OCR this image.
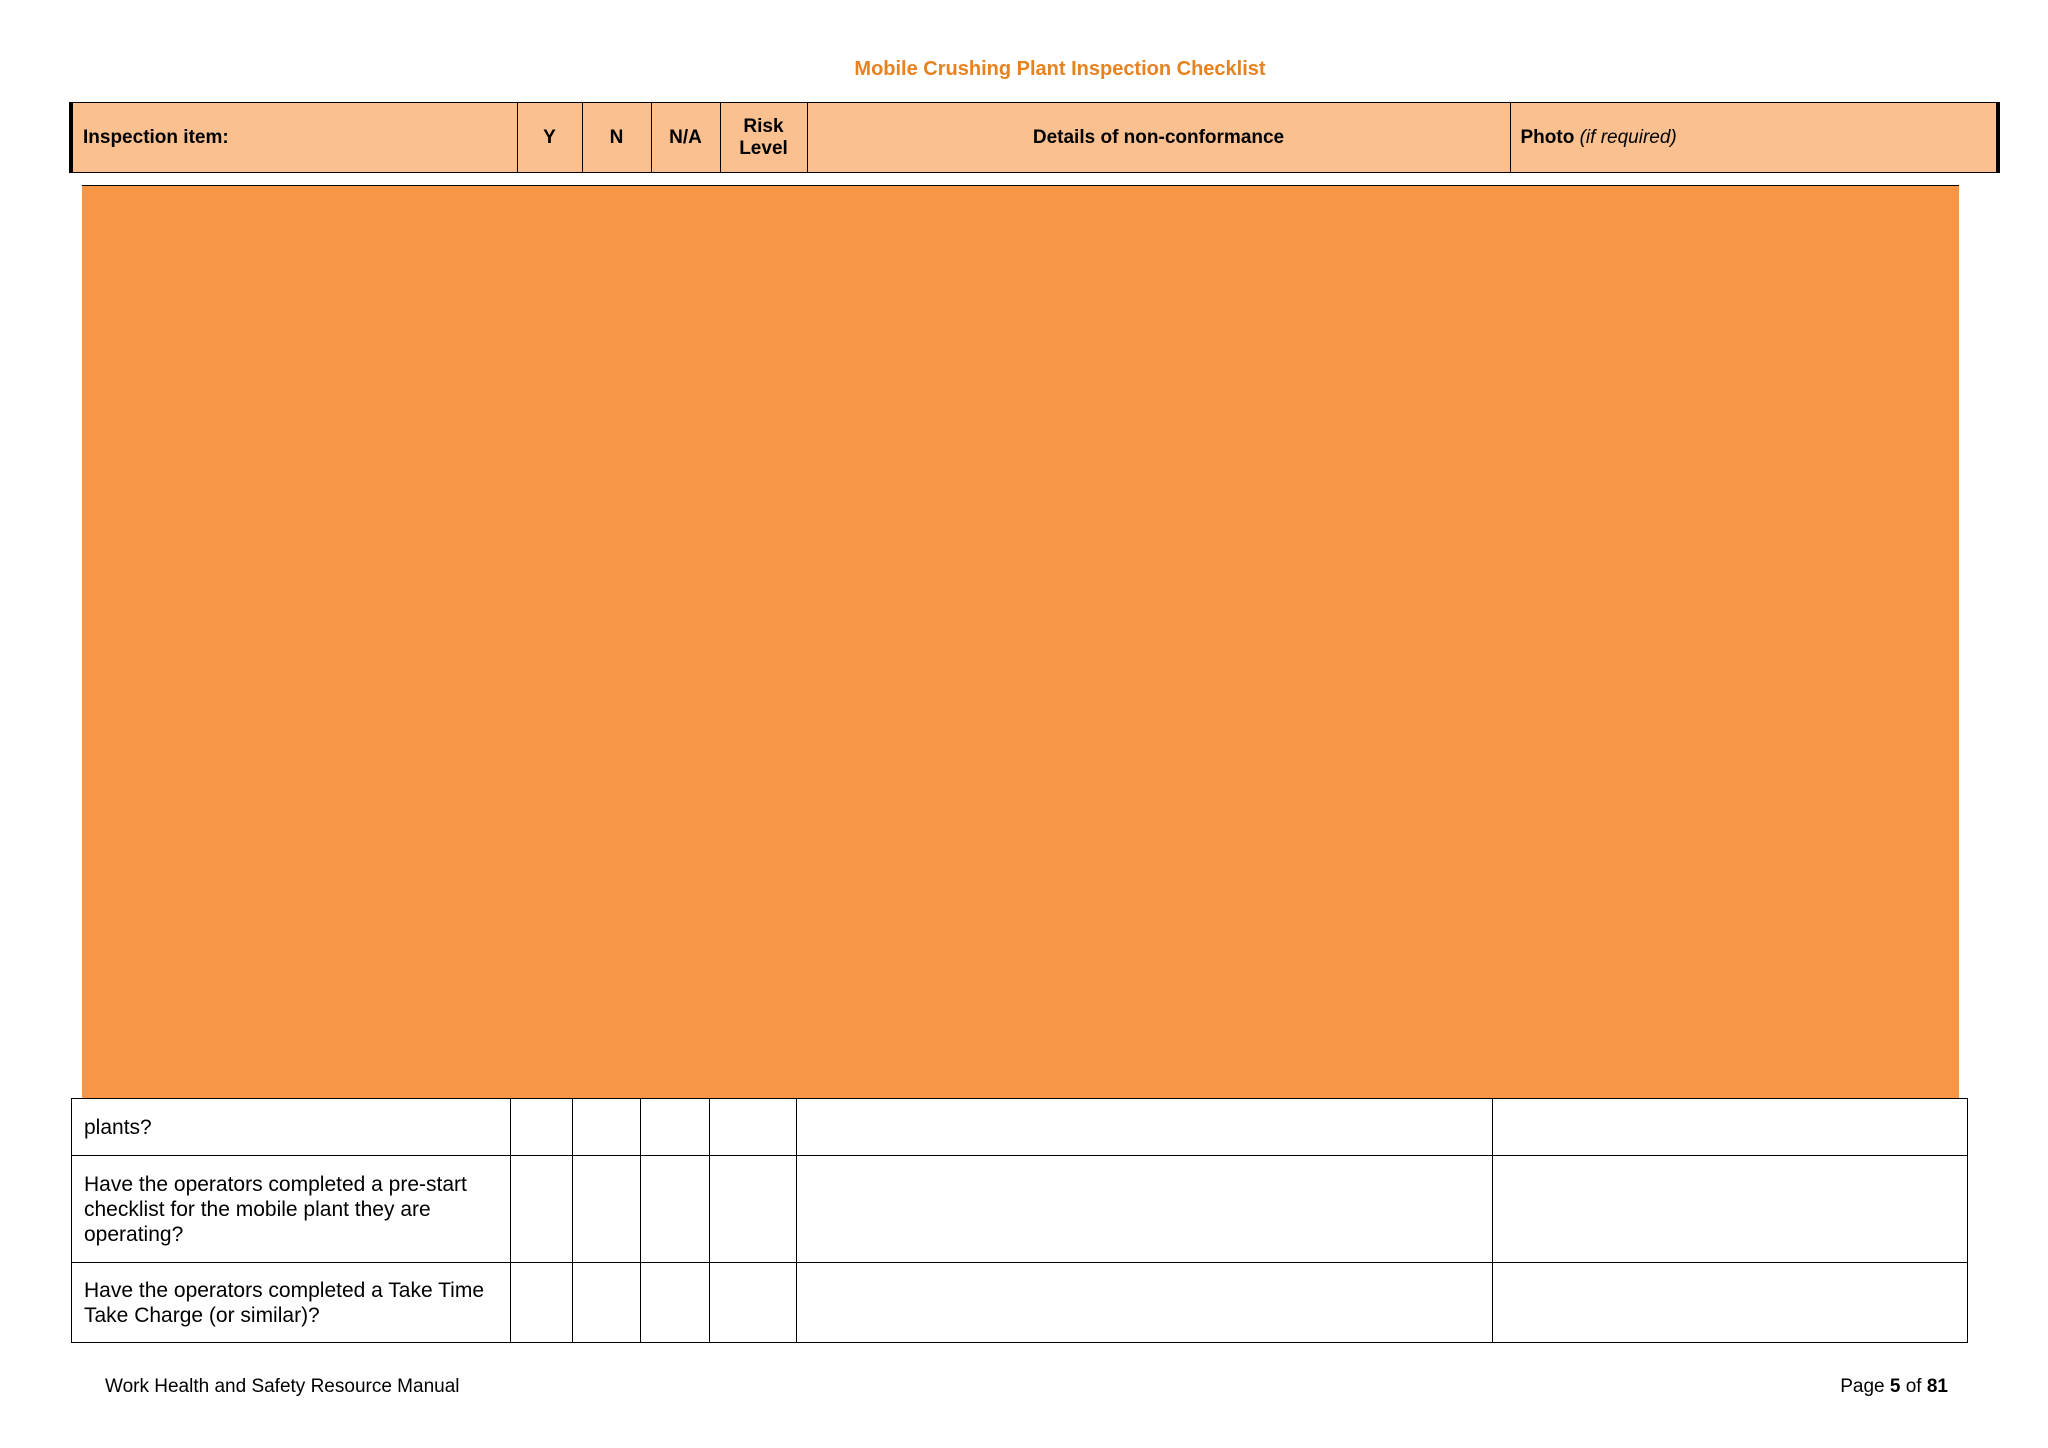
Mobile Crushing Plant Inspection Checklist
Inspection item:	Y	N	N/A	Risk Level	Details of non-conformance	Photo (if required)
plants?						
Have the operators completed a pre-start checklist for the mobile plant they are operating?						
Have the operators completed a Take Time Take Charge (or similar)?						
Work Health and Safety Resource Manual	Page 5 of 81
